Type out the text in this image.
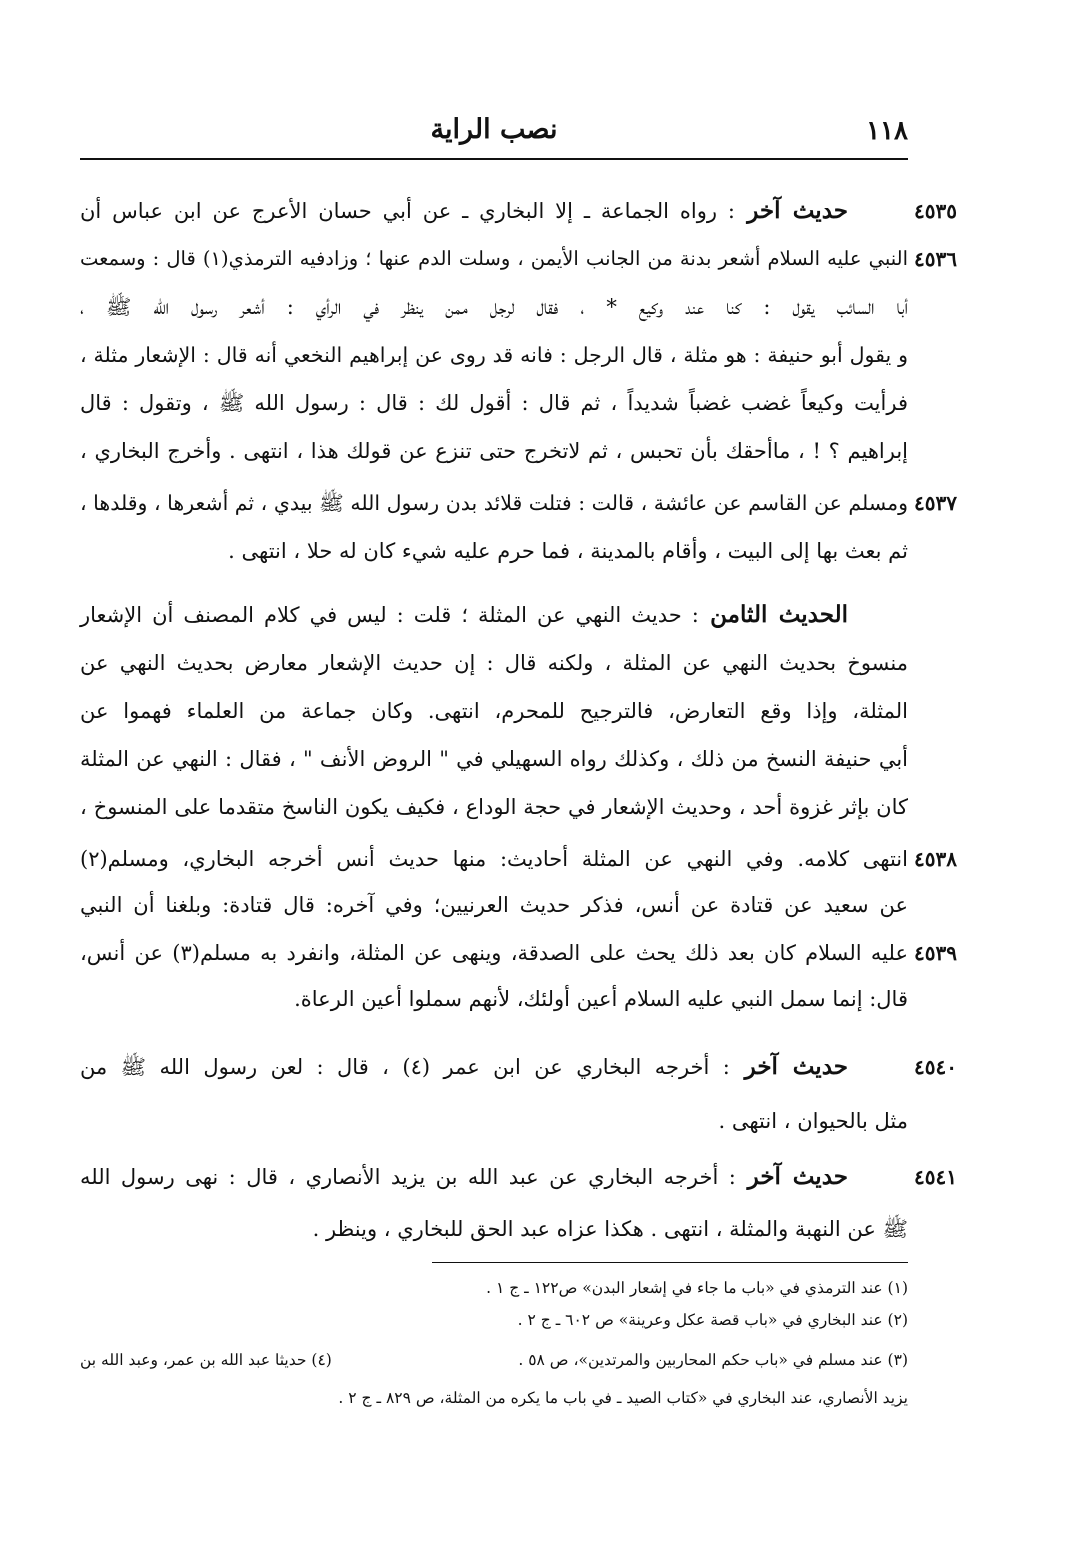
١١٨
نصب الراية
٤٥٣٥
حديث آخر : رواه الجماعة ـ إلا البخاري ـ عن أبي حسان الأعرج عن ابن عباس أن
٤٥٣٦
النبي عليه السلام أشعر بدنة من الجانب الأيمن ، وسلت الدم عنها ؛ وزادفيه الترمذي(١) قال : وسمعت
أبا السائب يقول : كنا عند وكيع * ، فقال لرجل ممن ينظر في الرأي : أشعر رسول الله ﷺ ،
و يقول أبو حنيفة : هو مثلة ، قال الرجل : فانه قد روى عن إبراهيم النخعي أنه قال : الإشعار مثلة ،
فرأيت وكيعاً غضب غضباً شديداً ، ثم قال : أقول لك : قال : رسول الله ﷺ ، وتقول : قال
إبراهيم ؟ ! ، ماأحقك بأن تحبس ، ثم لاتخرج حتى تنزع عن قولك هذا ، انتهى . وأخرج البخاري ،
٤٥٣٧
ومسلم عن القاسم عن عائشة ، قالت : فتلت قلائد بدن رسول الله ﷺ بيدي ، ثم أشعرها ، وقلدها ،
ثم بعث بها إلى البيت ، وأقام بالمدينة ، فما حرم عليه شيء كان له حلا ، انتهى .
الحديث الثامن : حديث النهي عن المثلة ؛ قلت : ليس في كلام المصنف أن الإشعار
منسوخ بحديث النهي عن المثلة ، ولكنه قال : إن حديث الإشعار معارض بحديث النهي عن
المثلة، وإذا وقع التعارض، فالترجيح للمحرم، انتهى. وكان جماعة من العلماء فهموا عن
أبي حنيفة النسخ من ذلك ، وكذلك رواه السهيلي في " الروض الأنف " ، فقال : النهي عن المثلة
كان بإثر غزوة أحد ، وحديث الإشعار في حجة الوداع ، فكيف يكون الناسخ متقدما على المنسوخ ،
٤٥٣٨
انتهى كلامه. وفي النهي عن المثلة أحاديث: منها حديث أنس أخرجه البخاري، ومسلم(٢)
عن سعيد عن قتادة عن أنس، فذكر حديث العرنيين؛ وفي آخره: قال قتادة: وبلغنا أن النبي
٤٥٣٩
عليه السلام كان بعد ذلك يحث على الصدقة، وينهى عن المثلة، وانفرد به مسلم(٣) عن أنس،
قال: إنما سمل النبي عليه السلام أعين أولئك، لأنهم سملوا أعين الرعاة.
٤٥٤٠
حديث آخر : أخرجه البخاري عن ابن عمر (٤) ، قال : لعن رسول الله ﷺ من
مثل بالحيوان ، انتهى .
٤٥٤١
حديث آخر : أخرجه البخاري عن عبد الله بن يزيد الأنصاري ، قال : نهى رسول الله
ﷺ عن النهبة والمثلة ، انتهى . هكذا عزاه عبد الحق للبخاري ، وينظر .
(١) عند الترمذي في «باب ما جاء في إشعار البدن» ص١٢٢ ـ ج ١ .
(٢) عند البخاري في «باب قصة عكل وعرينة» ص ٦٠٢ ـ ج ٢ .
(٣) عند مسلم في «باب حكم المحاربين والمرتدين»، ص ٥٨ .
(٤) حديثا عبد الله بن عمر، وعبد الله بن
يزيد الأنصاري، عند البخاري في «كتاب الصيد ـ في باب ما يكره من المثلة، ص ٨٢٩ ـ ج ٢ .
